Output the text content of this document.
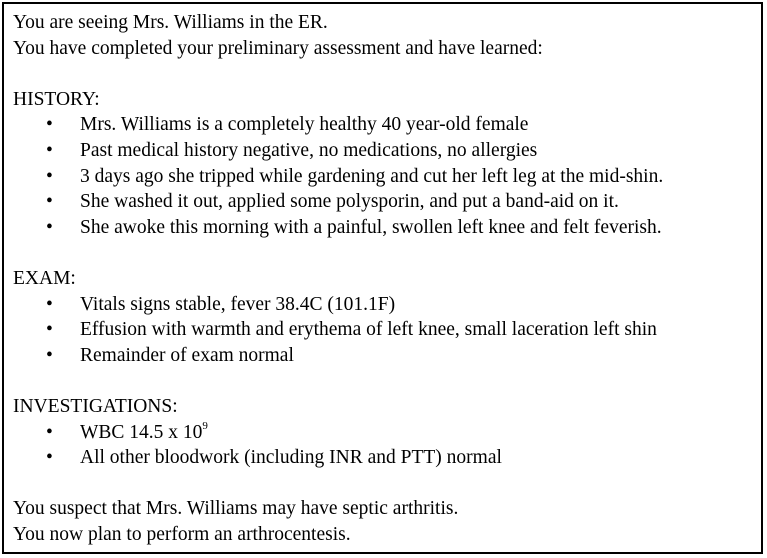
You are seeing Mrs. Williams in the ER.
You have completed your preliminary assessment and have learned:
HISTORY:
• Mrs. Williams is a completely healthy 40 year-old female
• Past medical history negative, no medications, no allergies
• 3 days ago she tripped while gardening and cut her left leg at the mid-shin.
• She washed it out, applied some polysporin, and put a band-aid on it.
• She awoke this morning with a painful, swollen left knee and felt feverish.
EXAM:
• Vitals signs stable, fever 38.4C (101.1F)
• Effusion with warmth and erythema of left knee, small laceration left shin
• Remainder of exam normal
INVESTIGATIONS:
• WBC 14.5 x $10^9$
• All other bloodwork (including INR and PTT) normal
You suspect that Mrs. Williams may have septic arthritis.
You now plan to perform an arthrocentesis.
